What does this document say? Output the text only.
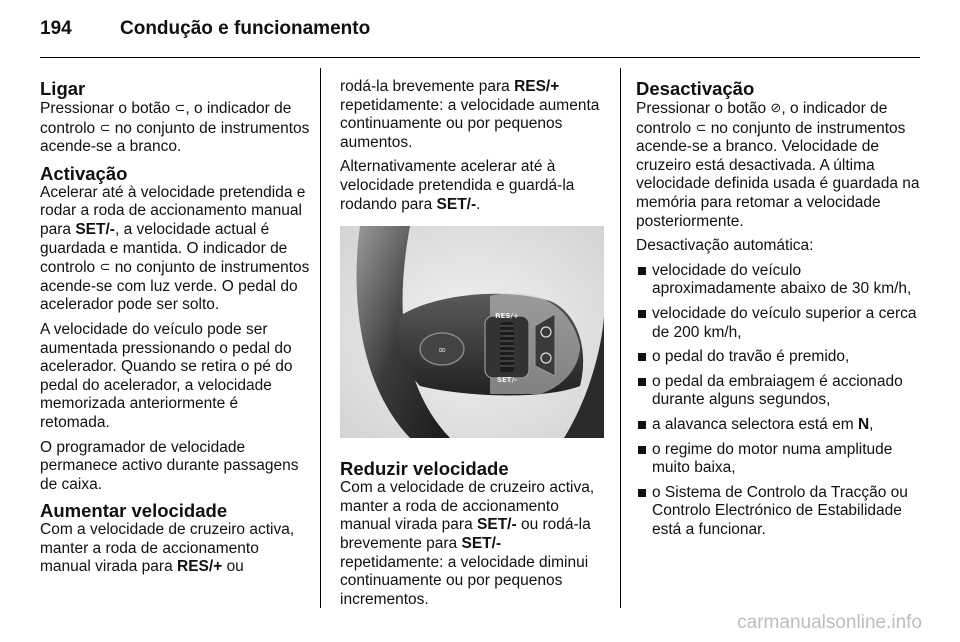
194	Condução e funcionamento
Ligar

Pressionar o botão ⊂, o indicador de controlo ⊂ no conjunto de instrumentos acende-se a branco.

Activação

Acelerar até à velocidade pretendida e rodar a roda de accionamento manual para SET/-, a velocidade actual é guardada e mantida. O indicador de controlo ⊂ no conjunto de instrumentos acende-se com luz verde. O pedal do acelerador pode ser solto.

A velocidade do veículo pode ser aumentada pressionando o pedal do acelerador. Quando se retira o pé do pedal do acelerador, a velocidade memorizada anteriormente é retomada.

O programador de velocidade permanece activo durante passagens de caixa.

Aumentar velocidade

Com a velocidade de cruzeiro activa, manter a roda de accionamento manual virada para RES/+ ou

rodá-la brevemente para RES/+ repetidamente: a velocidade aumenta continuamente ou por pequenos aumentos.

Alternativamente acelerar até à velocidade pretendida e guardá-la rodando para SET/-.

∞
RES/+
SET/-
Reduzir velocidade

Com a velocidade de cruzeiro activa, manter a roda de accionamento manual virada para SET/- ou rodá-la brevemente para SET/- repetidamente: a velocidade diminui continuamente ou por pequenos incrementos.

Desactivação

Pressionar o botão ⊘, o indicador de controlo ⊂ no conjunto de instrumentos acende-se a branco. Velocidade de cruzeiro está desactivada. A última velocidade definida usada é guardada na memória para retomar a velocidade posteriormente.

Desactivação automática:

velocidade do veículo aproximadamente abaixo de 30 km/h,
velocidade do veículo superior a cerca de 200 km/h,
o pedal do travão é premido,
o pedal da embraiagem é accionado durante alguns segundos,
a alavanca selectora está em N,
o regime do motor numa amplitude muito baixa,
o Sistema de Controlo da Tracção ou Controlo Electrónico de Estabilidade está a funcionar.
carmanualsonline.info
